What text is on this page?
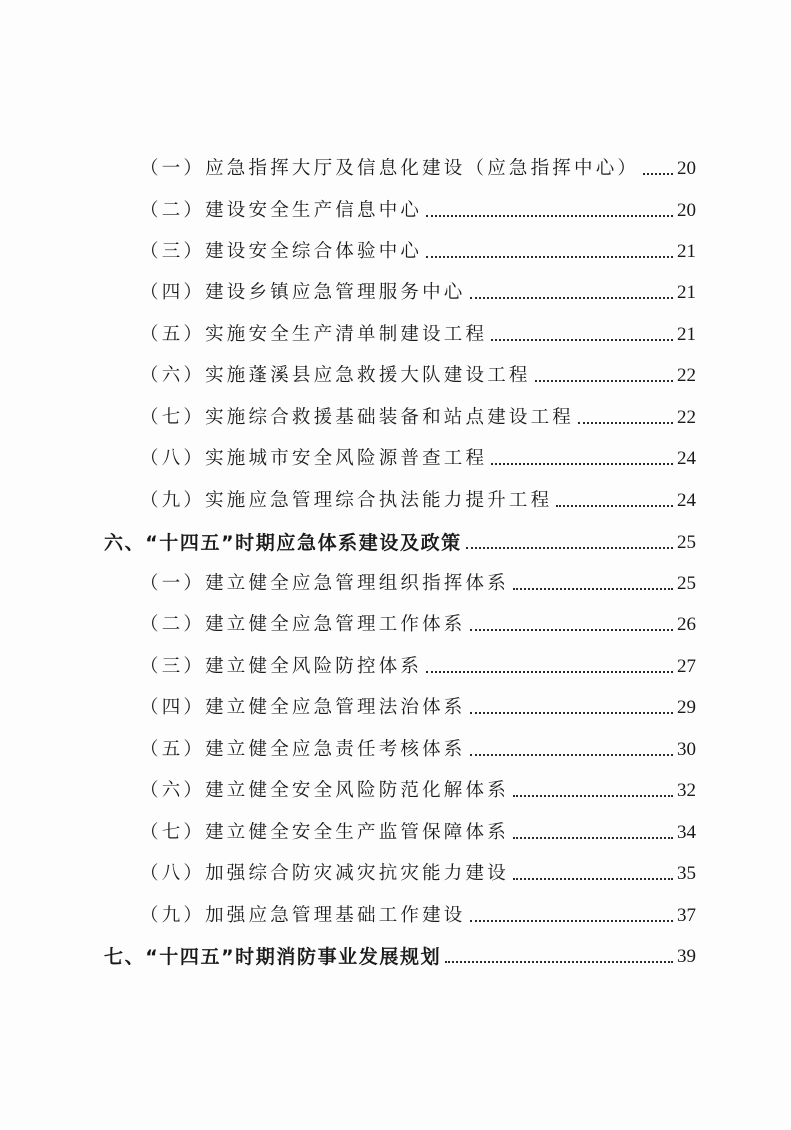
（一）应急指挥大厅及信息化建设（应急指挥中心） 20
（二）建设安全生产信息中心	20
（三）建设安全综合体验中心	21
（四）建设乡镇应急管理服务中心	21
（五）实施安全生产清单制建设工程	21
（六）实施蓬溪县应急救援大队建设工程	22
（七）实施综合救援基础装备和站点建设工程	22
（八）实施城市安全风险源普查工程	24
（九）实施应急管理综合执法能力提升工程	24
六、“十四五”时期应急体系建设及政策	25
（一）建立健全应急管理组织指挥体系	25
（二）建立健全应急管理工作体系	26
（三）建立健全风险防控体系	27
（四）建立健全应急管理法治体系	29
（五）建立健全应急责任考核体系	30
（六）建立健全安全风险防范化解体系	32
（七）建立健全安全生产监管保障体系	34
（八）加强综合防灾减灾抗灾能力建设	35
（九）加强应急管理基础工作建设	37
七、“十四五”时期消防事业发展规划	39
